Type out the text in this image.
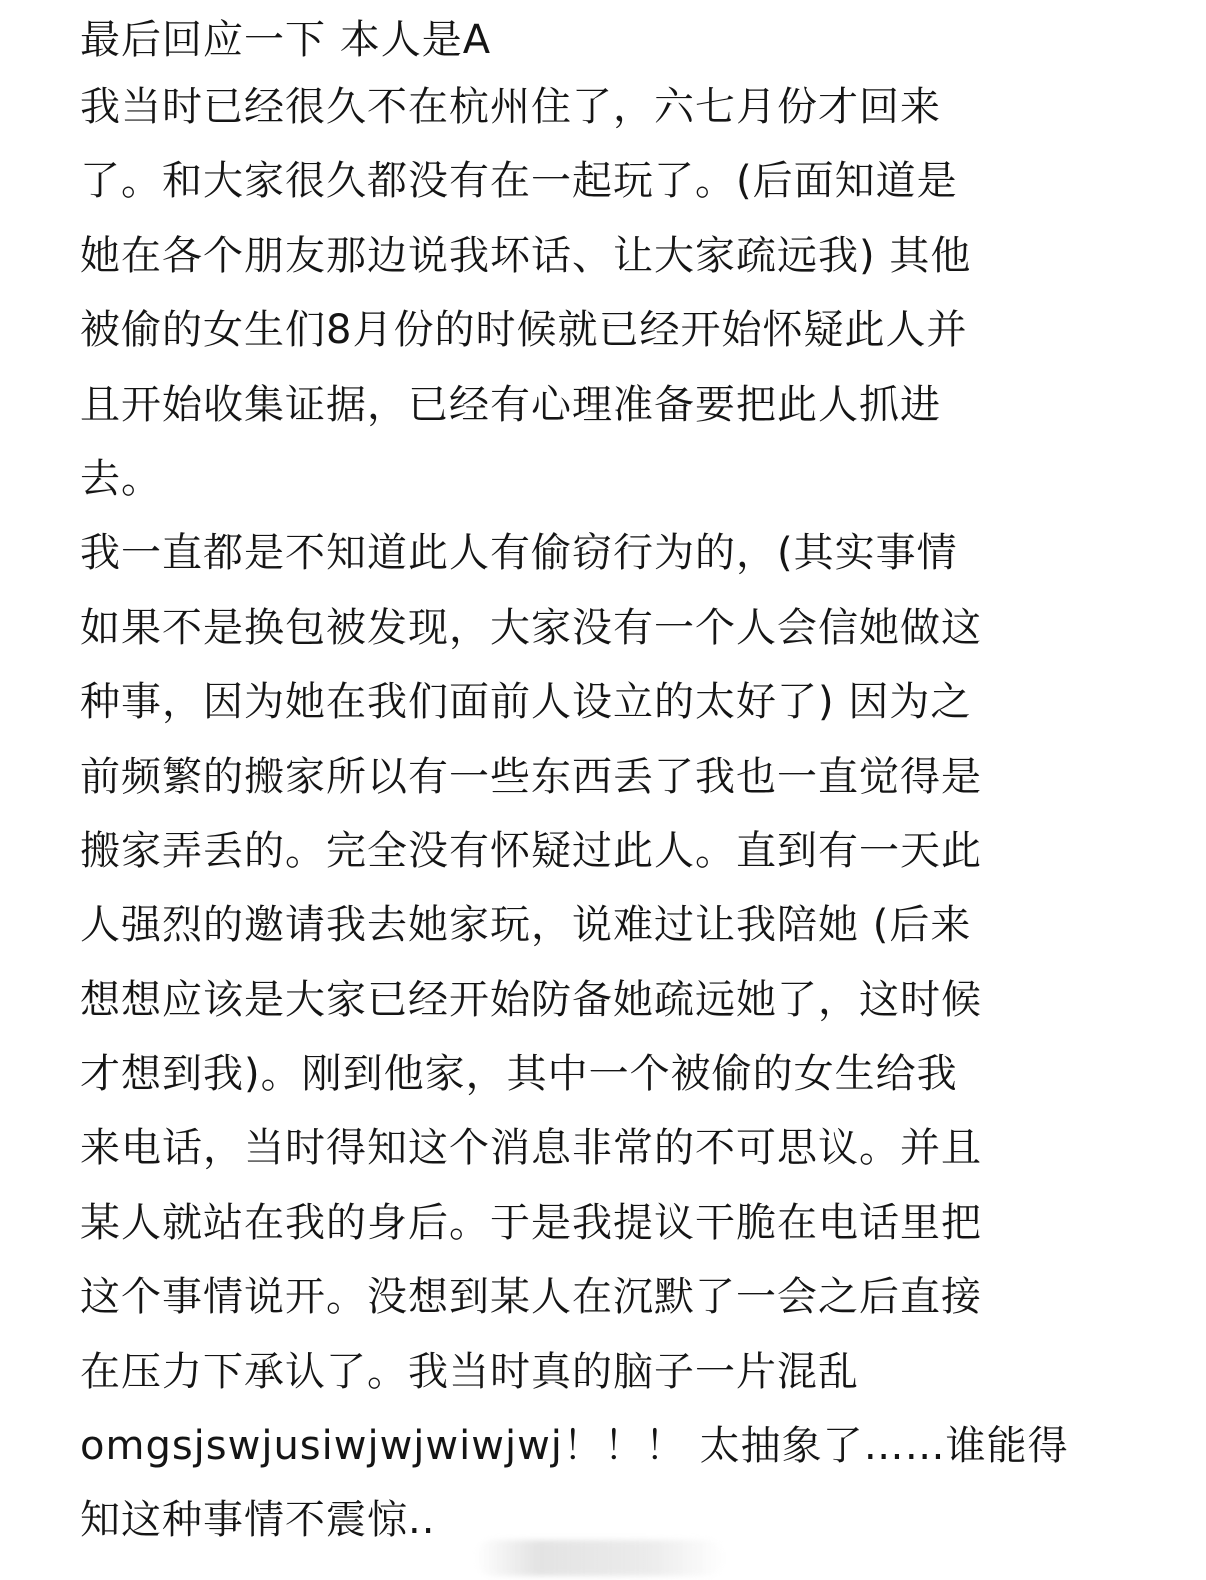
最后回应一下 本人是A
我当时已经很久不在杭州住了，六七月份才回来
了。和大家很久都没有在一起玩了。(后面知道是
她在各个朋友那边说我坏话、让大家疏远我) 其他
被偷的女生们8月份的时候就已经开始怀疑此人并
且开始收集证据，已经有心理准备要把此人抓进
去。
我一直都是不知道此人有偷窃行为的，(其实事情
如果不是换包被发现，大家没有一个人会信她做这
种事，因为她在我们面前人设立的太好了) 因为之
前频繁的搬家所以有一些东西丢了我也一直觉得是
搬家弄丢的。完全没有怀疑过此人。直到有一天此
人强烈的邀请我去她家玩，说难过让我陪她 (后来
想想应该是大家已经开始防备她疏远她了，这时候
才想到我)。刚到他家，其中一个被偷的女生给我
来电话，当时得知这个消息非常的不可思议。并且
某人就站在我的身后。于是我提议干脆在电话里把
这个事情说开。没想到某人在沉默了一会之后直接
在压力下承认了。我当时真的脑子一片混乱
omgsjswjusiwjwjwiwjwj！！！ 太抽象了……谁能得
知这种事情不震惊..
